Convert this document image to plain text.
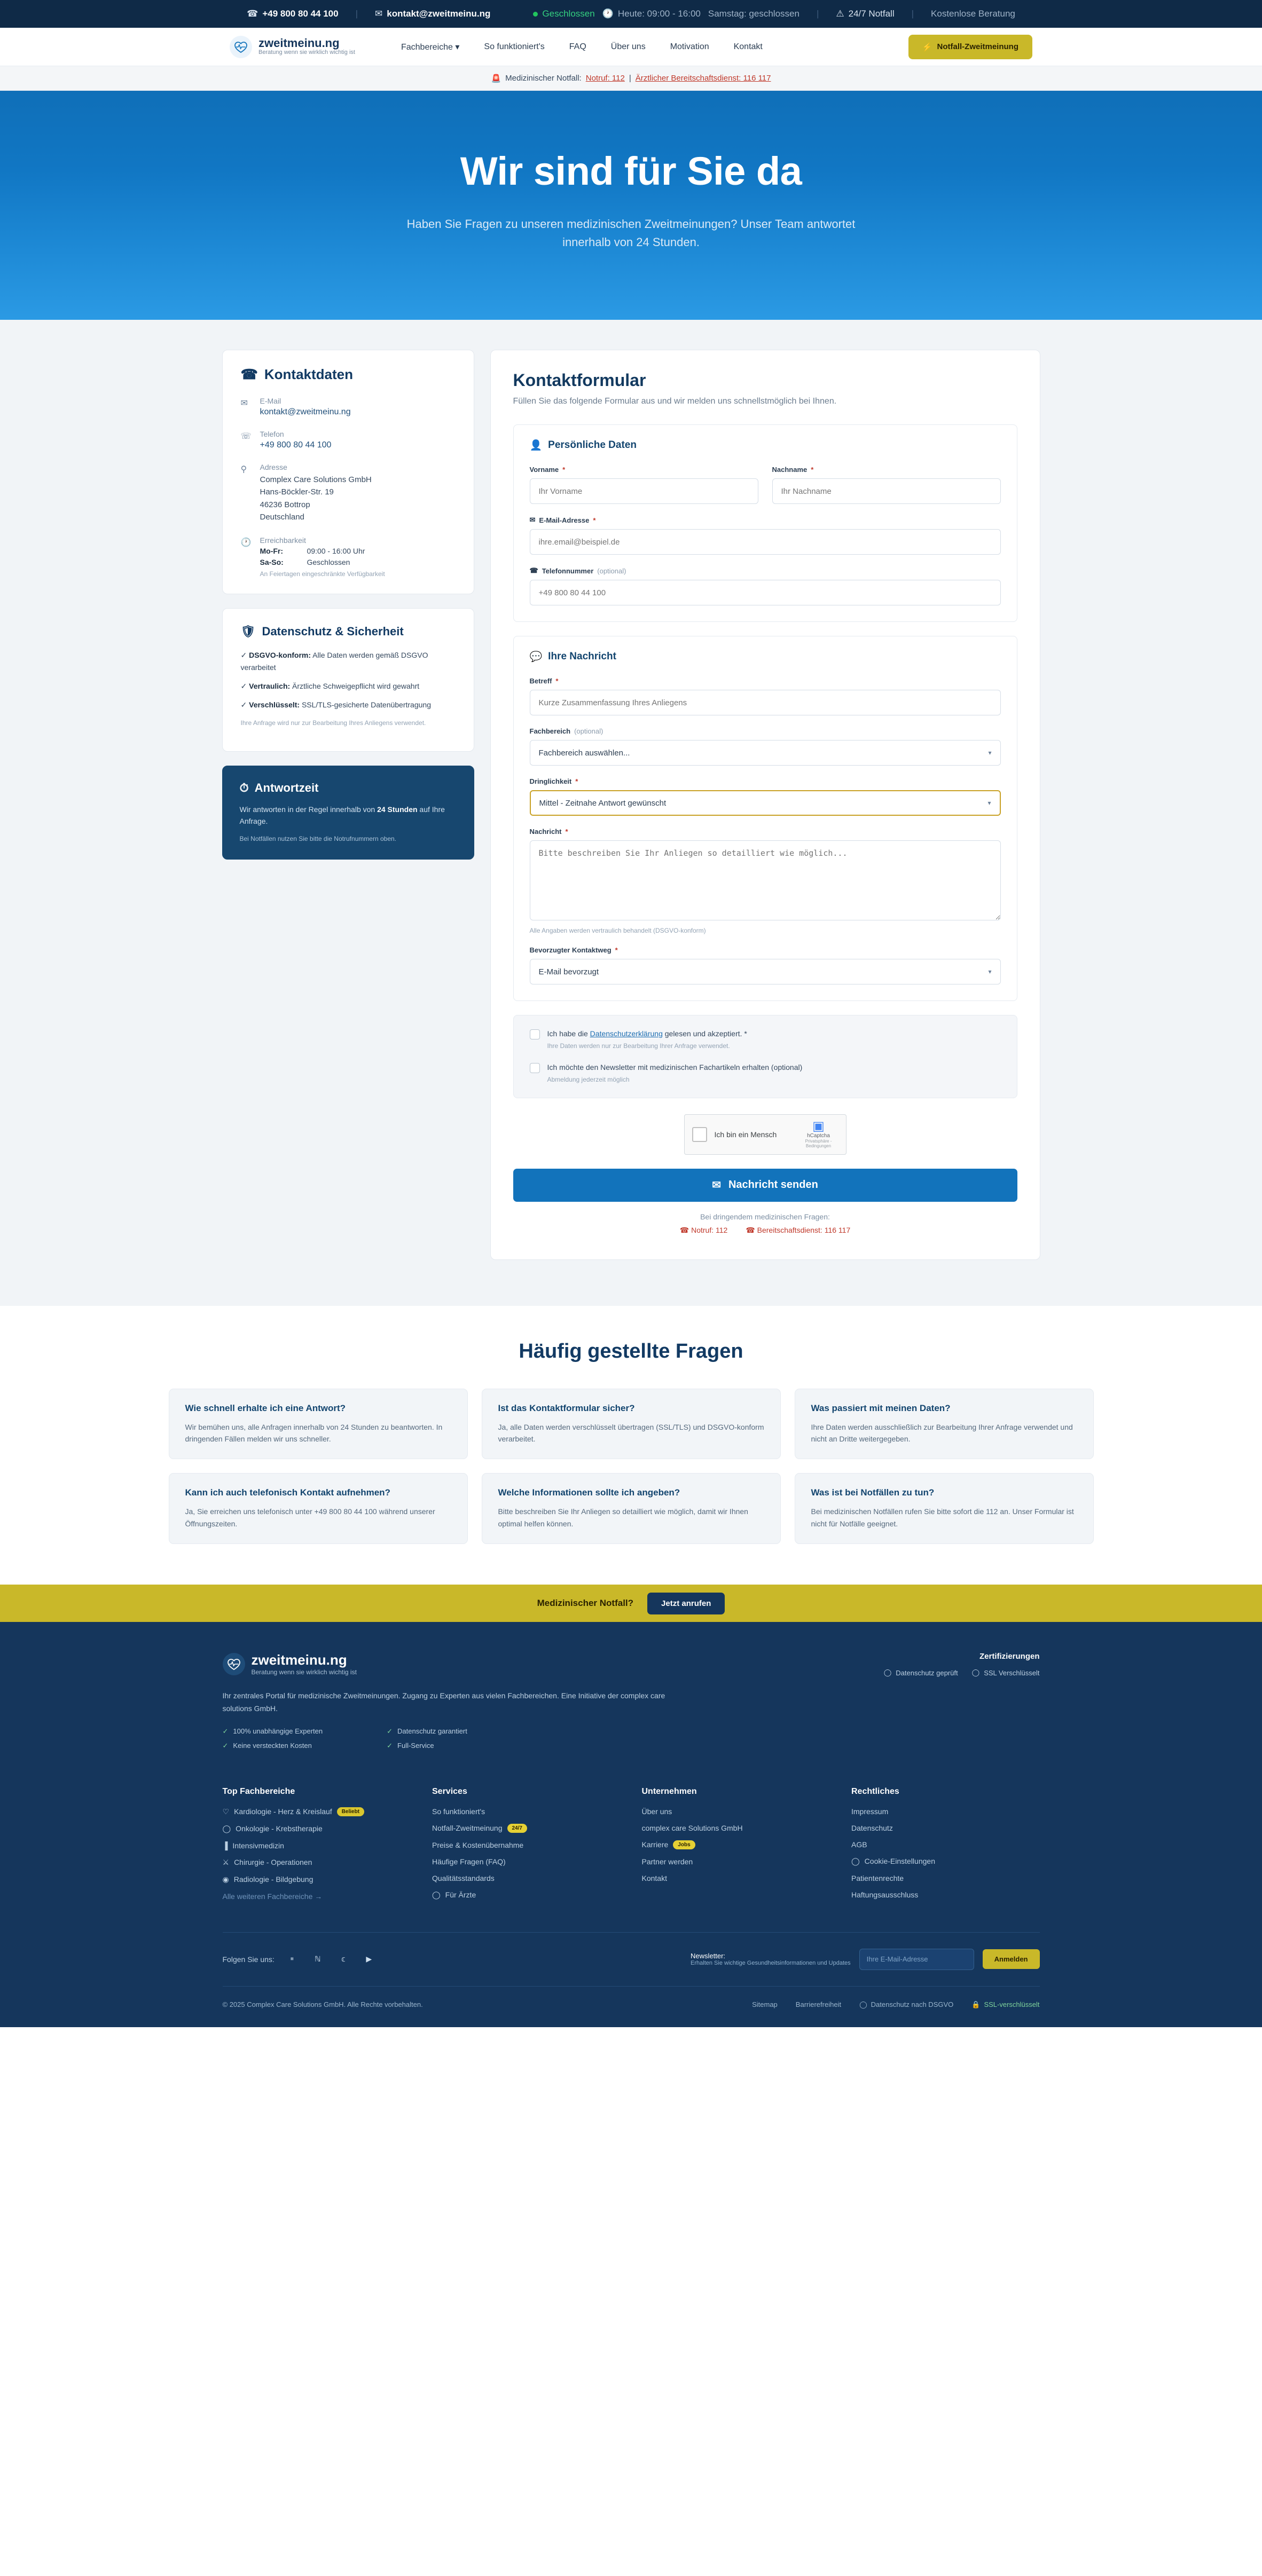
☎ +49 800 80 44 100 | ✉ kontakt@zweitmeinu.ng	Geschlossen 🕐 Heute: 09:00 - 16:00 Samstag: geschlossen | ⚠ 24/7 Notfall | Kostenlose Beratung
zweitmeinu.ng
Beratung wenn sie wirklich wichtig ist
Fachbereiche ▾	So funktioniert's	FAQ	Über uns	Motivation	Kontakt	⚡ Notfall-Zweitmeinung
🚨 Medizinischer Notfall: Notruf: 112 | Ärztlicher Bereitschaftsdienst: 116 117
Wir sind für Sie da

Haben Sie Fragen zu unseren medizinischen Zweitmeinungen? Unser Team antwortet innerhalb von 24 Stunden.

☎ Kontaktdaten
✉	E-Mail
kontakt@zweitmeinu.ng
☏ Telefon
+49 800 80 44 100
⚲	Adresse
Complex Care Solutions GmbH
Hans-Böckler-Str. 19
46236 Bottrop
Deutschland
🕐 Erreichbarkeit
Mo-Fr:	09:00 - 16:00 Uhr
Sa-So:	Geschlossen
An Feiertagen eingeschränkte Verfügbarkeit
🛡 Datenschutz & Sicherheit
✓ DSGVO-konform: Alle Daten werden gemäß DSGVO verarbeitet
✓ Vertraulich: Ärztliche Schweigepflicht wird gewahrt
✓ Verschlüsselt: SSL/TLS-gesicherte Datenübertragung
Ihre Anfrage wird nur zur Bearbeitung Ihres Anliegens verwendet.
⏱ Antwortzeit

Wir antworten in der Regel innerhalb von 24 Stunden auf Ihre Anfrage.

Bei Notfällen nutzen Sie bitte die Notrufnummern oben.

Kontaktformular

Füllen Sie das folgende Formular aus und wir melden uns schnellstmöglich bei Ihnen.

👤 Persönliche Daten
Vorname *
Ihr Vorname	Nachname *
Ihr Nachname
✉ E-Mail-Adresse *
ihre.email@beispiel.de
☎ Telefonnummer (optional)
+49 800 80 44 100
💬 Ihre Nachricht
Betreff *
Kurze Zusammenfassung Ihres Anliegens
Fachbereich (optional)
Fachbereich auswählen...	▾
Dringlichkeit *
Mittel - Zeitnahe Antwort gewünscht	▾
Nachricht *
Bitte beschreiben Sie Ihr Anliegen so detailliert wie möglich...
Alle Angaben werden vertraulich behandelt (DSGVO-konform)
Bevorzugter Kontaktweg *
E-Mail bevorzugt	▾
Ich habe die Datenschutzerklärung gelesen und akzeptiert. *
Ihre Daten werden nur zur Bearbeitung Ihrer Anfrage verwendet.
Ich möchte den Newsletter mit medizinischen Fachartikeln erhalten (optional)
Abmeldung jederzeit möglich
Ich bin ein Mensch
▣
hCaptcha
Privatsphäre - Bedingungen
✉ Nachricht senden
Bei dringendem medizinischen Fragen:
☎ Notruf: 112 ☎ Bereitschaftsdienst: 116 117
Häufig gestellte Fragen
Wie schnell erhalte ich eine Antwort?

Wir bemühen uns, alle Anfragen innerhalb von 24 Stunden zu beantworten. In dringenden Fällen melden wir uns schneller.

Ist das Kontaktformular sicher?

Ja, alle Daten werden verschlüsselt übertragen (SSL/TLS) und DSGVO-konform verarbeitet.

Was passiert mit meinen Daten?

Ihre Daten werden ausschließlich zur Bearbeitung Ihrer Anfrage verwendet und nicht an Dritte weitergegeben.

Kann ich auch telefonisch Kontakt aufnehmen?

Ja, Sie erreichen uns telefonisch unter +49 800 80 44 100 während unserer Öffnungszeiten.

Welche Informationen sollte ich angeben?

Bitte beschreiben Sie Ihr Anliegen so detailliert wie möglich, damit wir Ihnen optimal helfen können.

Was ist bei Notfällen zu tun?

Bei medizinischen Notfällen rufen Sie bitte sofort die 112 an. Unser Formular ist nicht für Notfälle geeignet.

Medizinischer Notfall?	Jetzt anrufen
zweitmeinu.ng
Beratung wenn sie wirklich wichtig ist
Ihr zentrales Portal für medizinische Zweitmeinungen. Zugang zu Experten aus vielen Fachbereichen. Eine Initiative der complex care solutions GmbH.
✓ 100% unabhängige Experten
✓ Keine versteckten Kosten
✓ Datenschutz garantiert
✓ Full-Service
Zertifizierungen
◯ Datenschutz geprüft ◯ SSL Verschlüsselt
Top Fachbereiche
♡ Kardiologie - Herz & Kreislauf	Beliebt
◯ Onkologie - Krebstherapie
▐ Intensivmedizin
⚔ Chirurgie - Operationen
◉ Radiologie - Bildgebung
Alle weiteren Fachbereiche →
Services
So funktioniert's
Notfall-Zweitmeinung	24/7
Preise & Kostenübernahme
Häufige Fragen (FAQ)
Qualitätsstandards
◯ Für Ärzte
Unternehmen
Über uns
complex care Solutions GmbH
Karriere	Jobs
Partner werden
Kontakt
Rechtliches
Impressum
Datenschutz
AGB
◯ Cookie-Einstellungen
Patientenrechte
Haftungsausschluss
Folgen Sie uns:	𝄥	ℕ	𝕔	▶	Newsletter:
Erhalten Sie wichtige Gesundheitsinformationen und Updates Ihre E-Mail-Adresse	Anmelden
© 2025 Complex Care Solutions GmbH. Alle Rechte vorbehalten.	Sitemap	Barrierefreiheit	◯ Datenschutz nach DSGVO	🔒 SSL-verschlüsselt
